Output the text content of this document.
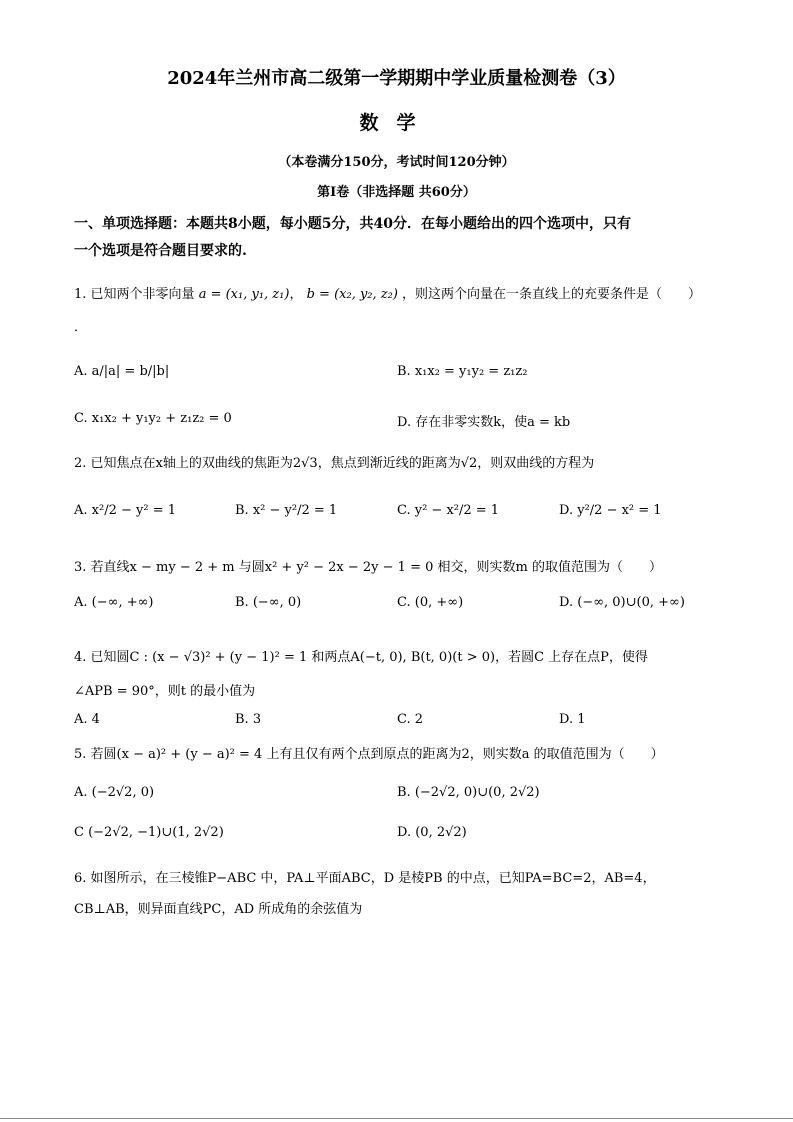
2024年兰州市高二级第一学期期中学业质量检测卷（3）
数学
（本卷满分150分，考试时间120分钟）
第I卷（非选择题 共60分）
一、单项选择题：本题共8小题，每小题5分，共40分．在每小题给出的四个选项中，只有
一个选项是符合题目要求的.
1. 已知两个非零向量 a = (x₁, y₁, z₁)， b = (x₂, y₂, z₂) ，则这两个向量在一条直线上的充要条件是（　　）
．
A. a/|a| = b/|b|	B. x₁x₂ = y₁y₂ = z₁z₂
C. x₁x₂ + y₁y₂ + z₁z₂ = 0	D. 存在非零实数k，使a = kb
2. 已知焦点在x轴上的双曲线的焦距为2√3，焦点到渐近线的距离为√2，则双曲线的方程为
A. x²/2 − y² = 1	B. x² − y²/2 = 1	C. y² − x²/2 = 1	D. y²/2 − x² = 1
3. 若直线x − my − 2 + m 与圆x² + y² − 2x − 2y − 1 = 0 相交，则实数m 的取值范围为（　　）
A. (−∞, +∞)	B. (−∞, 0)	C. (0, +∞)	D. (−∞, 0)∪(0, +∞)
4. 已知圆C : (x − √3)² + (y − 1)² = 1 和两点A(−t, 0), B(t, 0)(t > 0)，若圆C 上存在点P，使得
∠APB = 90°，则t 的最小值为
A. 4	B. 3	C. 2	D. 1
5. 若圆(x − a)² + (y − a)² = 4 上有且仅有两个点到原点的距离为2，则实数a 的取值范围为（　　）
A. (−2√2, 0)	B. (−2√2, 0)∪(0, 2√2)
C (−2√2, −1)∪(1, 2√2)	D. (0, 2√2)
6. 如图所示，在三棱锥P−ABC 中，PA⊥平面ABC，D 是棱PB 的中点，已知PA=BC=2，AB=4，
CB⊥AB，则异面直线PC，AD 所成角的余弦值为
